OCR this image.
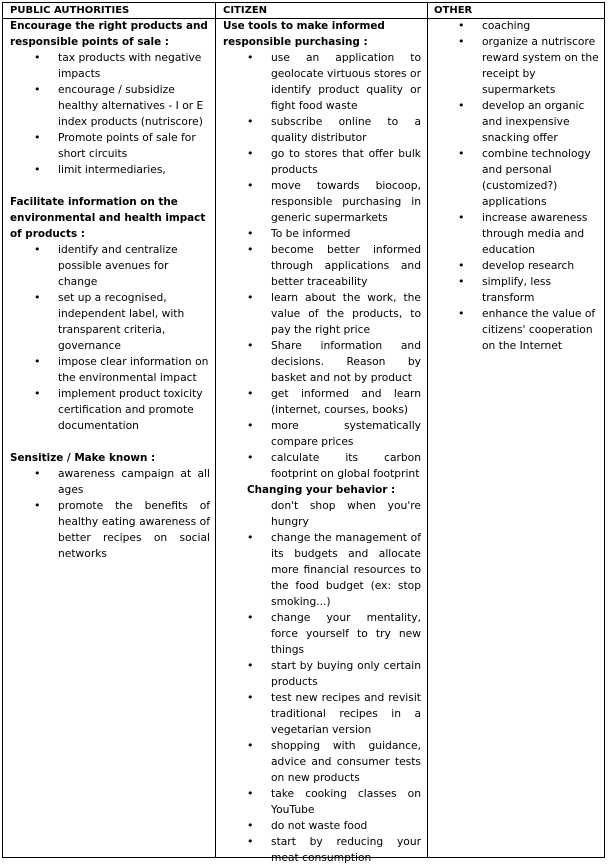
PUBLIC AUTHORITIES	CITIZEN	OTHER

Encourage the right products and responsible points of sale :

• tax products with negative impacts
• encourage / subsidize healthy alternatives - I or E index products (nutriscore)
• Promote points of sale for short circuits
• limit intermediaries,

Facilitate information on the environmental and health impact of products :

• identify and centralize possible avenues for change
• set up a recognised, independent label, with transparent criteria, governance
• impose clear information on the environmental impact
• implement product toxicity certification and promote documentation

Sensitize / Make known :

• awareness campaign at all ages
• promote the benefits of healthy eating awareness of better recipes on social networks

Use tools to make informed responsible purchasing :

• use an application to geolocate virtuous stores or identify product quality or fight food waste
• subscribe online to a quality distributor
• go to stores that offer bulk products
• move towards biocoop, responsible purchasing in generic supermarkets
• To be informed
• become better informed through applications and better traceability
• learn about the work, the value of the products, to pay the right price
• Share information and decisions. Reason by basket and not by product
• get informed and learn (internet, courses, books)
• more systematically compare prices
• calculate its carbon footprint on global footprint

Changing your behavior :

don't shop when you're hungry
• change the management of its budgets and allocate more financial resources to the food budget (ex: stop smoking...)
• change your mentality, force yourself to try new things
• start by buying only certain products
• test new recipes and revisit traditional recipes in a vegetarian version
• shopping with guidance, advice and consumer tests on new products
• take cooking classes on YouTube
• do not waste food
• start by reducing your meat consumption
• coaching
• organize a nutriscore reward system on the receipt by supermarkets
• develop an organic and inexpensive snacking offer
• combine technology and personal (customized?) applications
• increase awareness through media and education
• develop research
• simplify, less transform
• enhance the value of citizens' cooperation on the Internet
